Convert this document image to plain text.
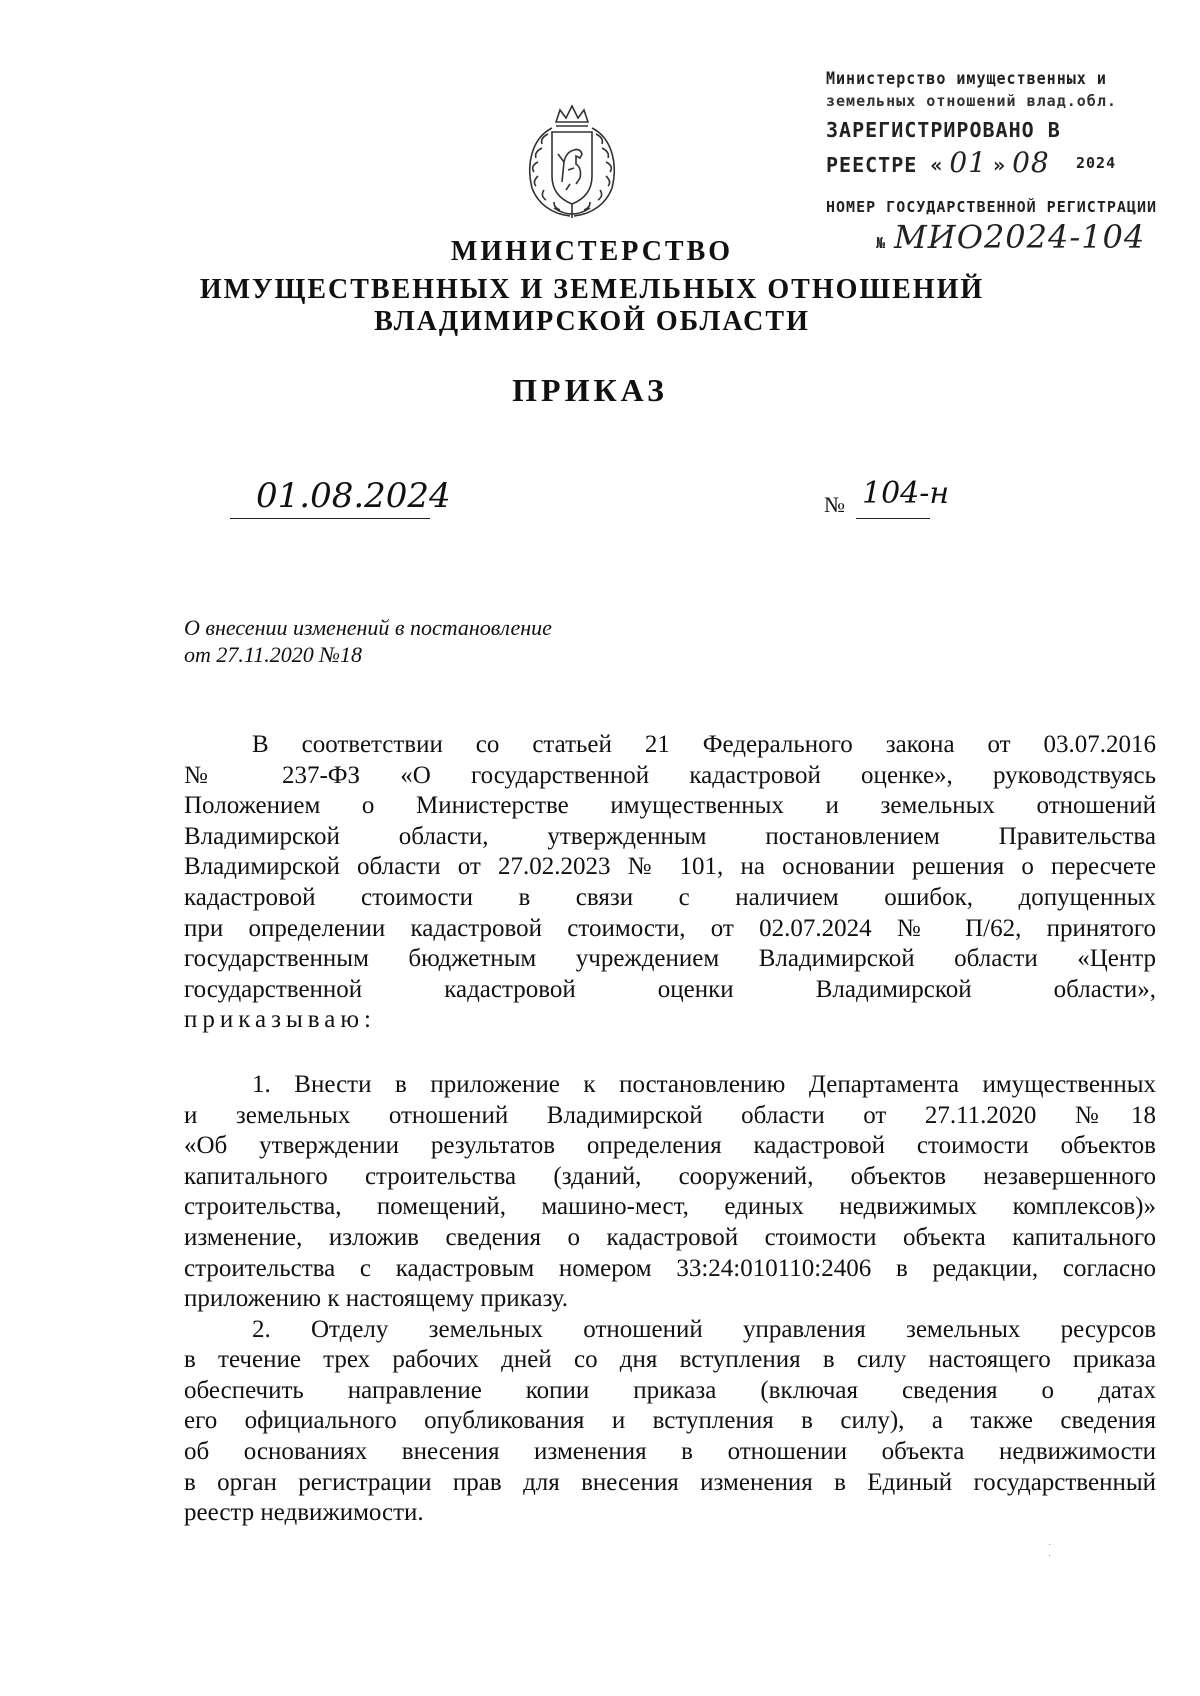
Министерство имущественных и
земельных отношений влад.обл.
ЗАРЕГИСТРИРОВАНО В
РЕЕСТРЕ « 01 » 08 2024
НОМЕР ГОСУДАРСТВЕННОЙ РЕГИСТРАЦИИ
№ МИО2024-104
МИНИСТЕРСТВО
ИМУЩЕСТВЕННЫХ И ЗЕМЕЛЬНЫХ ОТНОШЕНИЙ
ВЛАДИМИРСКОЙ ОБЛАСТИ
ПРИКАЗ
01.08.2024	№ 104-н
О внесении изменений в постановление
от 27.11.2020 №18
В соответствии со статьей 21 Федерального закона от 03.07.2016
№ 237-ФЗ «О государственной кадастровой оценке», руководствуясь
Положением о Министерстве имущественных и земельных отношений
Владимирской области, утвержденным постановлением Правительства
Владимирской области от 27.02.2023 № 101, на основании решения о пересчете
кадастровой стоимости в связи с наличием ошибок, допущенных
при определении кадастровой стоимости, от 02.07.2024 № П/62, принятого
государственным бюджетным учреждением Владимирской области «Центр
государственной кадастровой оценки Владимирской области»,
приказываю:
1. Внести в приложение к постановлению Департамента имущественных
и земельных отношений Владимирской области от 27.11.2020 №18
«Об утверждении результатов определения кадастровой стоимости объектов
капитального строительства (зданий, сооружений, объектов незавершенного
строительства, помещений, машино-мест, единых недвижимых комплексов)»
изменение, изложив сведения о кадастровой стоимости объекта капитального
строительства с кадастровым номером 33:24:010110:2406 в редакции, согласно
приложению к настоящему приказу.
2. Отделу земельных отношений управления земельных ресурсов
в течение трех рабочих дней со дня вступления в силу настоящего приказа
обеспечить направление копии приказа (включая сведения о датах
его официального опубликования и вступления в силу), а также сведения
об основаниях внесения изменения в отношении объекта недвижимости
в орган регистрации прав для внесения изменения в Единый государственный
реестр недвижимости.
·
·
